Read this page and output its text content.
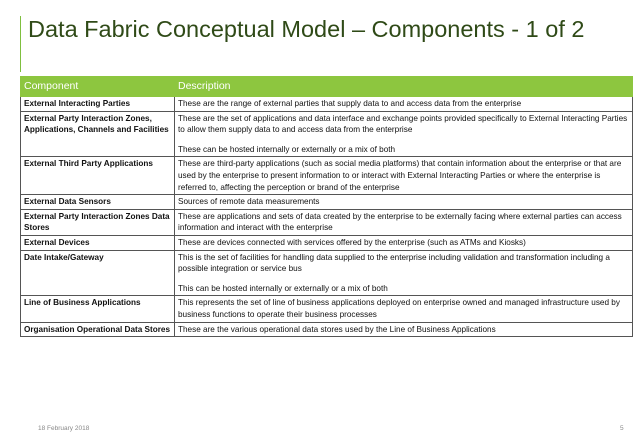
Data Fabric Conceptual Model – Components - 1 of 2
Component	Description
External Interacting Parties	These are the range of external parties that supply data to and access data from the enterprise

External Party Interaction Zones, Applications, Channels and Facilities	These are the set of applications and data interface and exchange points provided specifically to External Interacting Parties to allow them supply data to and access data from the enterprise
These can be hosted internally or externally or a mix of both

External Third Party Applications	These are third-party applications (such as social media platforms) that contain information about the enterprise or that are used by the enterprise to present information to or interact with External Interacting Parties or where the enterprise is referred to, affecting the perception or brand of the enterprise

External Data Sensors	Sources of remote data measurements

External Party Interaction Zones Data Stores	These are applications and sets of data created by the enterprise to be externally facing where external parties can access information and interact with the enterprise

External Devices	These are devices connected with services offered by the enterprise (such as ATMs and Kiosks)

Date Intake/Gateway	This is the set of facilities for handling data supplied to the enterprise including validation and transformation including a possible integration or service bus
This can be hosted internally or externally or a mix of both

Line of Business Applications	This represents the set of line of business applications deployed on enterprise owned and managed infrastructure used by business functions to operate their business processes

Organisation Operational Data Stores	These are the various operational data stores used by the Line of Business Applications
18 February 2018	5
